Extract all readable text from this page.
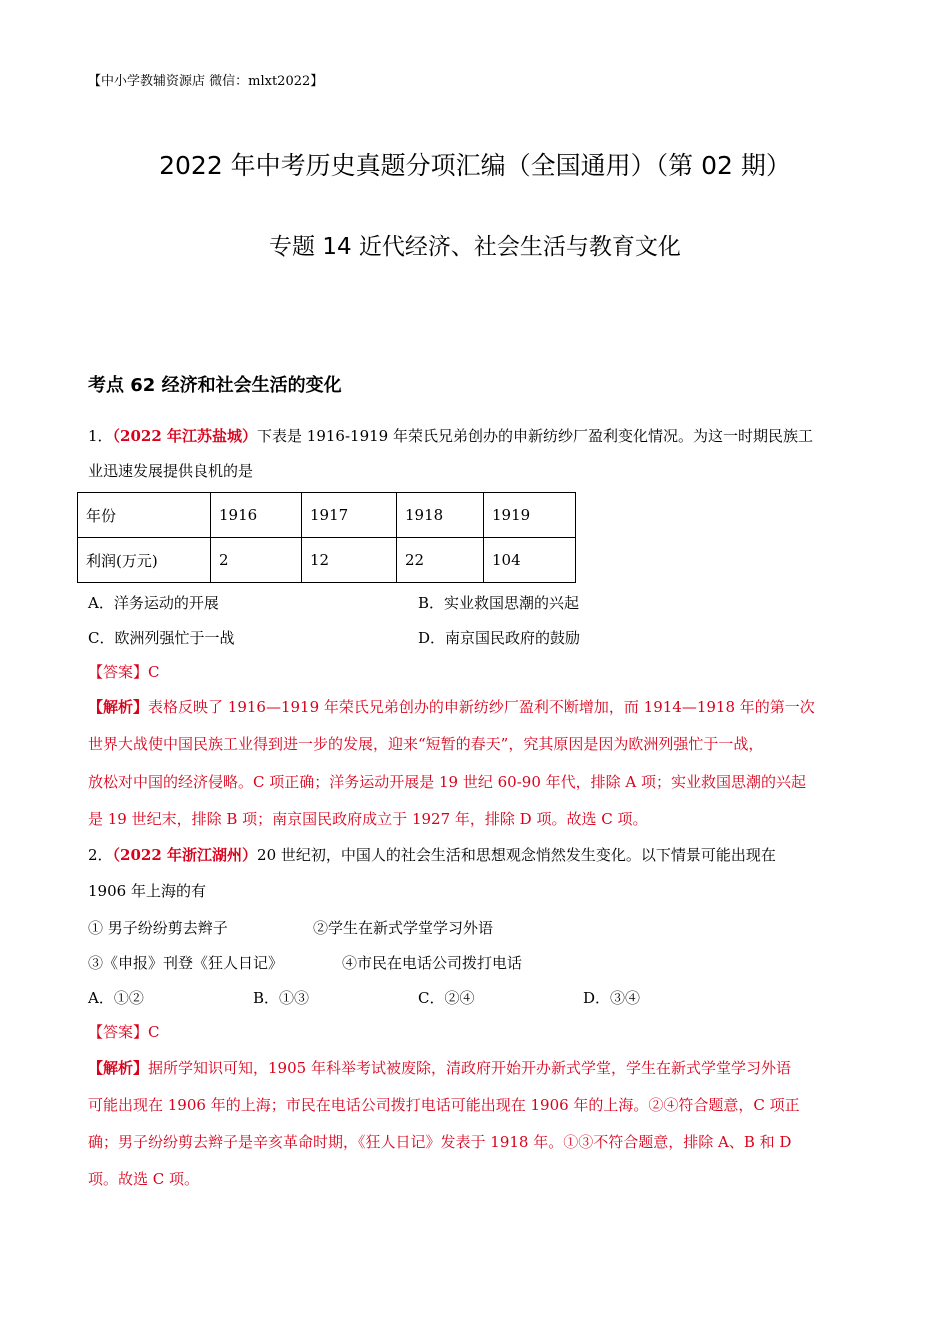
【中小学教辅资源店 微信：mlxt2022】
2022 年中考历史真题分项汇编（全国通用）（第 02 期）
专题 14 近代经济、社会生活与教育文化
考点 62 经济和社会生活的变化
1．（2022 年江苏盐城）下表是 1916-1919 年荣氏兄弟创办的申新纺纱厂盈利变化情况。为这一时期民族工
业迅速发展提供良机的是
年份	1916	1917	1918	1919
利润(万元)	2	12	22	104
A．洋务运动的开展	B．实业救国思潮的兴起
C．欧洲列强忙于一战	D．南京国民政府的鼓励
【答案】C
【解析】表格反映了 1916—1919 年荣氏兄弟创办的申新纺纱厂盈利不断增加，而 1914—1918 年的第一次
世界大战使中国民族工业得到进一步的发展，迎来“短暂的春天”，究其原因是因为欧洲列强忙于一战，
放松对中国的经济侵略。C 项正确；洋务运动开展是 19 世纪 60-90 年代，排除 A 项；实业救国思潮的兴起
是 19 世纪末，排除 B 项；南京国民政府成立于 1927 年，排除 D 项。故选 C 项。
2．（2022 年浙江湖州）20 世纪初，中国人的社会生活和思想观念悄然发生变化。以下情景可能出现在
1906 年上海的有
① 男子纷纷剪去辫子	②学生在新式学堂学习外语
③《申报》刊登《狂人日记》	④市民在电话公司拨打电话
A．①②	B．①③	C．②④	D．③④
【答案】C
【解析】据所学知识可知，1905 年科举考试被废除，清政府开始开办新式学堂，学生在新式学堂学习外语
可能出现在 1906 年的上海；市民在电话公司拨打电话可能出现在 1906 年的上海。②④符合题意，C 项正
确；男子纷纷剪去辫子是辛亥革命时期，《狂人日记》发表于 1918 年。①③不符合题意，排除 A、B 和 D
项。故选 C 项。
